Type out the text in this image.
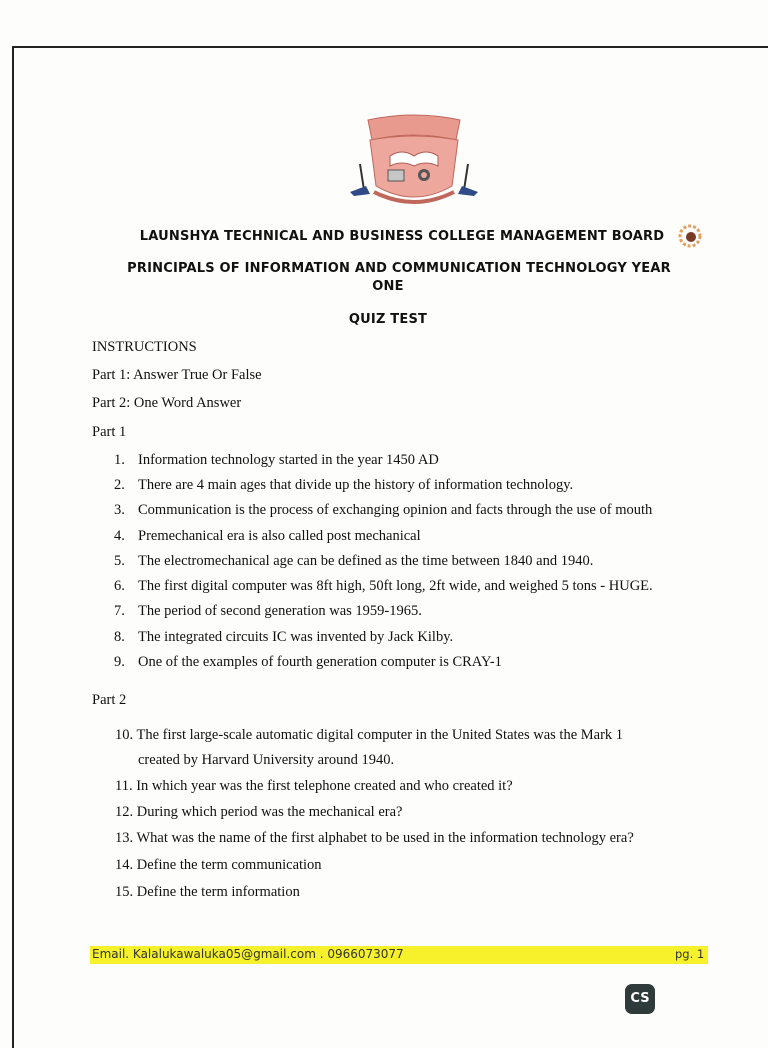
LAUNSHYA TECHNICAL AND BUSINESS COLLEGE MANAGEMENT BOARD
PRINCIPALS OF INFORMATION AND COMMUNICATION TECHNOLOGY YEAR
ONE
QUIZ TEST
INSTRUCTIONS
Part 1: Answer True Or False
Part 2: One Word Answer
Part 1
1. Information technology started in the year 1450 AD
2. There are 4 main ages that divide up the history of information technology.
3. Communication is the process of exchanging opinion and facts through the use of mouth
4. Premechanical era is also called post mechanical
5. The electromechanical age can be defined as the time between 1840 and 1940.
6. The first digital computer was 8ft high, 50ft long, 2ft wide, and weighed 5 tons - HUGE.
7. The period of second generation was 1959-1965.
8. The integrated circuits IC was invented by Jack Kilby.
9. One of the examples of fourth generation computer is CRAY-1
Part 2
10. The first large-scale automatic digital computer in the United States was the Mark 1
created by Harvard University around 1940.
11. In which year was the first telephone created and who created it?
12. During which period was the mechanical era?
13. What was the name of the first alphabet to be used in the information technology era?
14. Define the term communication
15. Define the term information
Email. Kalalukawaluka05@gmail.com . 0966073077	pg. 1
CS
